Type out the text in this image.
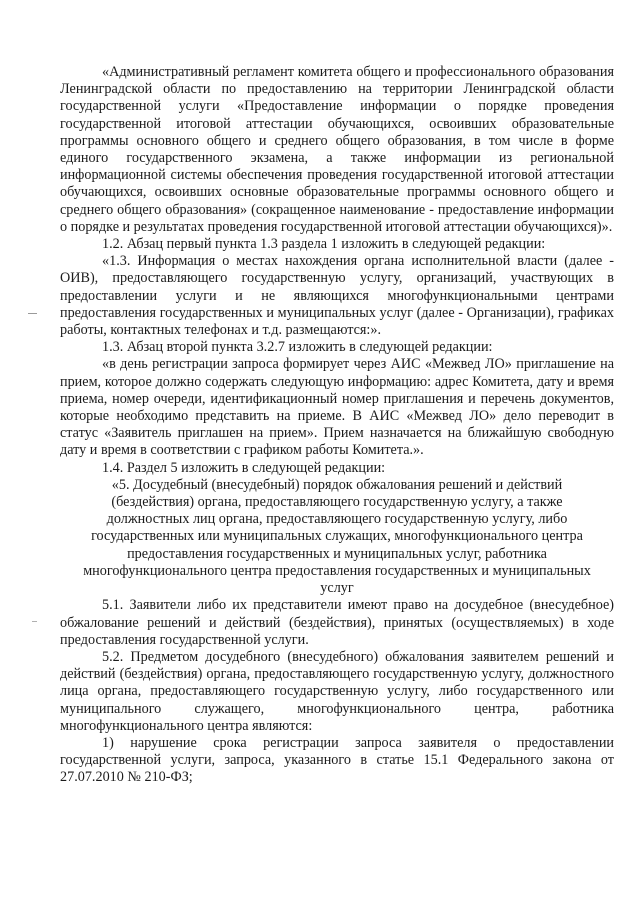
«Административный регламент комитета общего и профессионального образования Ленинградской области по предоставлению на территории Ленинградской области государственной услуги «Предоставление информации о порядке проведения государственной итоговой аттестации обучающихся, освоивших образовательные программы основного общего и среднего общего образования, в том числе в форме единого государственного экзамена, а также информации из региональной информационной системы обеспечения проведения государственной итоговой аттестации обучающихся, освоивших основные образовательные программы основного общего и среднего общего образования» (сокращенное наименование - предоставление информации о порядке и результатах проведения государственной итоговой аттестации обучающихся)».

1.2. Абзац первый пункта 1.3 раздела 1 изложить в следующей редакции:

«1.3. Информация о местах нахождения органа исполнительной власти (далее - ОИВ), предоставляющего государственную услугу, организаций, участвующих в предоставлении услуги и не являющихся многофункциональными центрами предоставления государственных и муниципальных услуг (далее - Организации), графиках работы, контактных телефонах и т.д. размещаются:».

1.3. Абзац второй пункта 3.2.7 изложить в следующей редакции:

«в день регистрации запроса формирует через АИС «Межвед ЛО» приглашение на прием, которое должно содержать следующую информацию: адрес Комитета, дату и время приема, номер очереди, идентификационный номер приглашения и перечень документов, которые необходимо представить на приеме. В АИС «Межвед ЛО» дело переводит в статус «Заявитель приглашен на прием». Прием назначается на ближайшую свободную дату и время в соответствии с графиком работы Комитета.».

1.4. Раздел 5 изложить в следующей редакции:

«5. Досудебный (внесудебный) порядок обжалования решений и действий
(бездействия) органа, предоставляющего государственную услугу, а также
должностных лиц органа, предоставляющего государственную услугу, либо
государственных или муниципальных служащих, многофункционального центра
предоставления государственных и муниципальных услуг, работника
многофункционального центра предоставления государственных и муниципальных
услуг

5.1. Заявители либо их представители имеют право на досудебное (внесудебное) обжалование решений и действий (бездействия), принятых (осуществляемых) в ходе предоставления государственной услуги.

5.2. Предметом досудебного (внесудебного) обжалования заявителем решений и действий (бездействия) органа, предоставляющего государственную услугу, должностного лица органа, предоставляющего государственную услугу, либо государственного или муниципального служащего, многофункционального центра, работника многофункционального центра являются:

1) нарушение срока регистрации запроса заявителя о предоставлении государственной услуги, запроса, указанного в статье 15.1 Федерального закона от 27.07.2010 № 210-ФЗ;
